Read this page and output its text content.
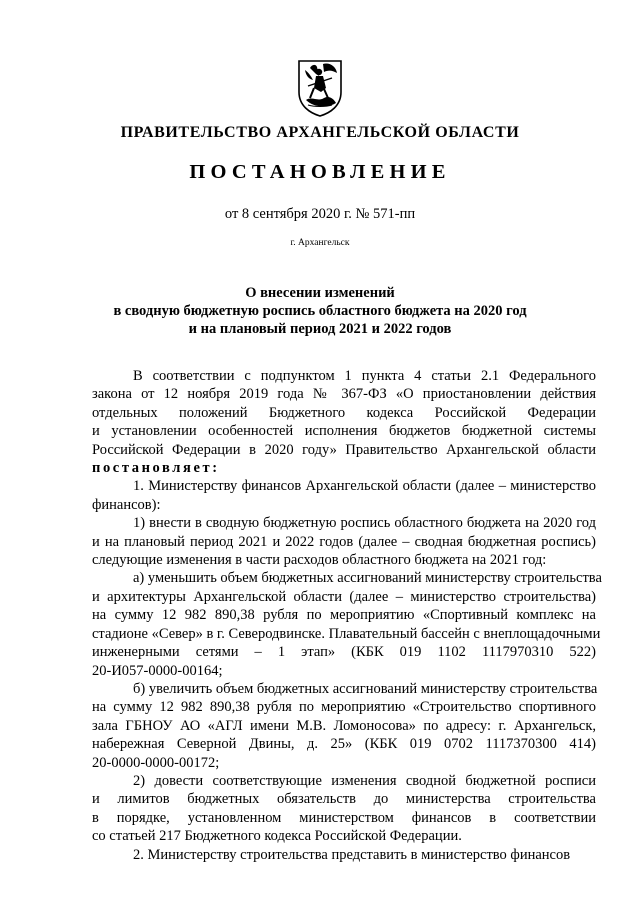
ПРАВИТЕЛЬСТВО АРХАНГЕЛЬСКОЙ ОБЛАСТИ
ПОСТАНОВЛЕНИЕ
от 8 сентября 2020 г. № 571-пп
г. Архангельск
О внесении изменений
в сводную бюджетную роспись областного бюджета на 2020 год
и на плановый период 2021 и 2022 годов
В соответствии с подпунктом 1 пункта 4 статьи 2.1 Федерального
закона от 12 ноября 2019 года № 367-ФЗ «О приостановлении действия
отдельных положений Бюджетного кодекса Российской Федерации
и установлении особенностей исполнения бюджетов бюджетной системы
Российской Федерации в 2020 году» Правительство Архангельской области
постановляет:
1. Министерству финансов Архангельской области (далее – министерство
финансов):
1) внести в сводную бюджетную роспись областного бюджета на 2020 год
и на плановый период 2021 и 2022 годов (далее – сводная бюджетная роспись)
следующие изменения в части расходов областного бюджета на 2021 год:
а) уменьшить объем бюджетных ассигнований министерству строительства
и архитектуры Архангельской области (далее – министерство строительства)
на сумму 12 982 890,38 рубля по мероприятию «Спортивный комплекс на
стадионе «Север» в г. Северодвинске. Плавательный бассейн с внеплощадочными
инженерными сетями – 1 этап» (КБК 019 1102 1117970310 522)
20-И057-0000-00164;
б) увеличить объем бюджетных ассигнований министерству строительства
на сумму 12 982 890,38 рубля по мероприятию «Строительство спортивного
зала ГБНОУ АО «АГЛ имени М.В. Ломоносова» по адресу: г. Архангельск,
набережная Северной Двины, д. 25» (КБК 019 0702 1117370300 414)
20-0000-0000-00172;
2) довести соответствующие изменения сводной бюджетной росписи
и лимитов бюджетных обязательств до министерства строительства
в порядке, установленном министерством финансов в соответствии
со статьей 217 Бюджетного кодекса Российской Федерации.
2. Министерству строительства представить в министерство финансов
